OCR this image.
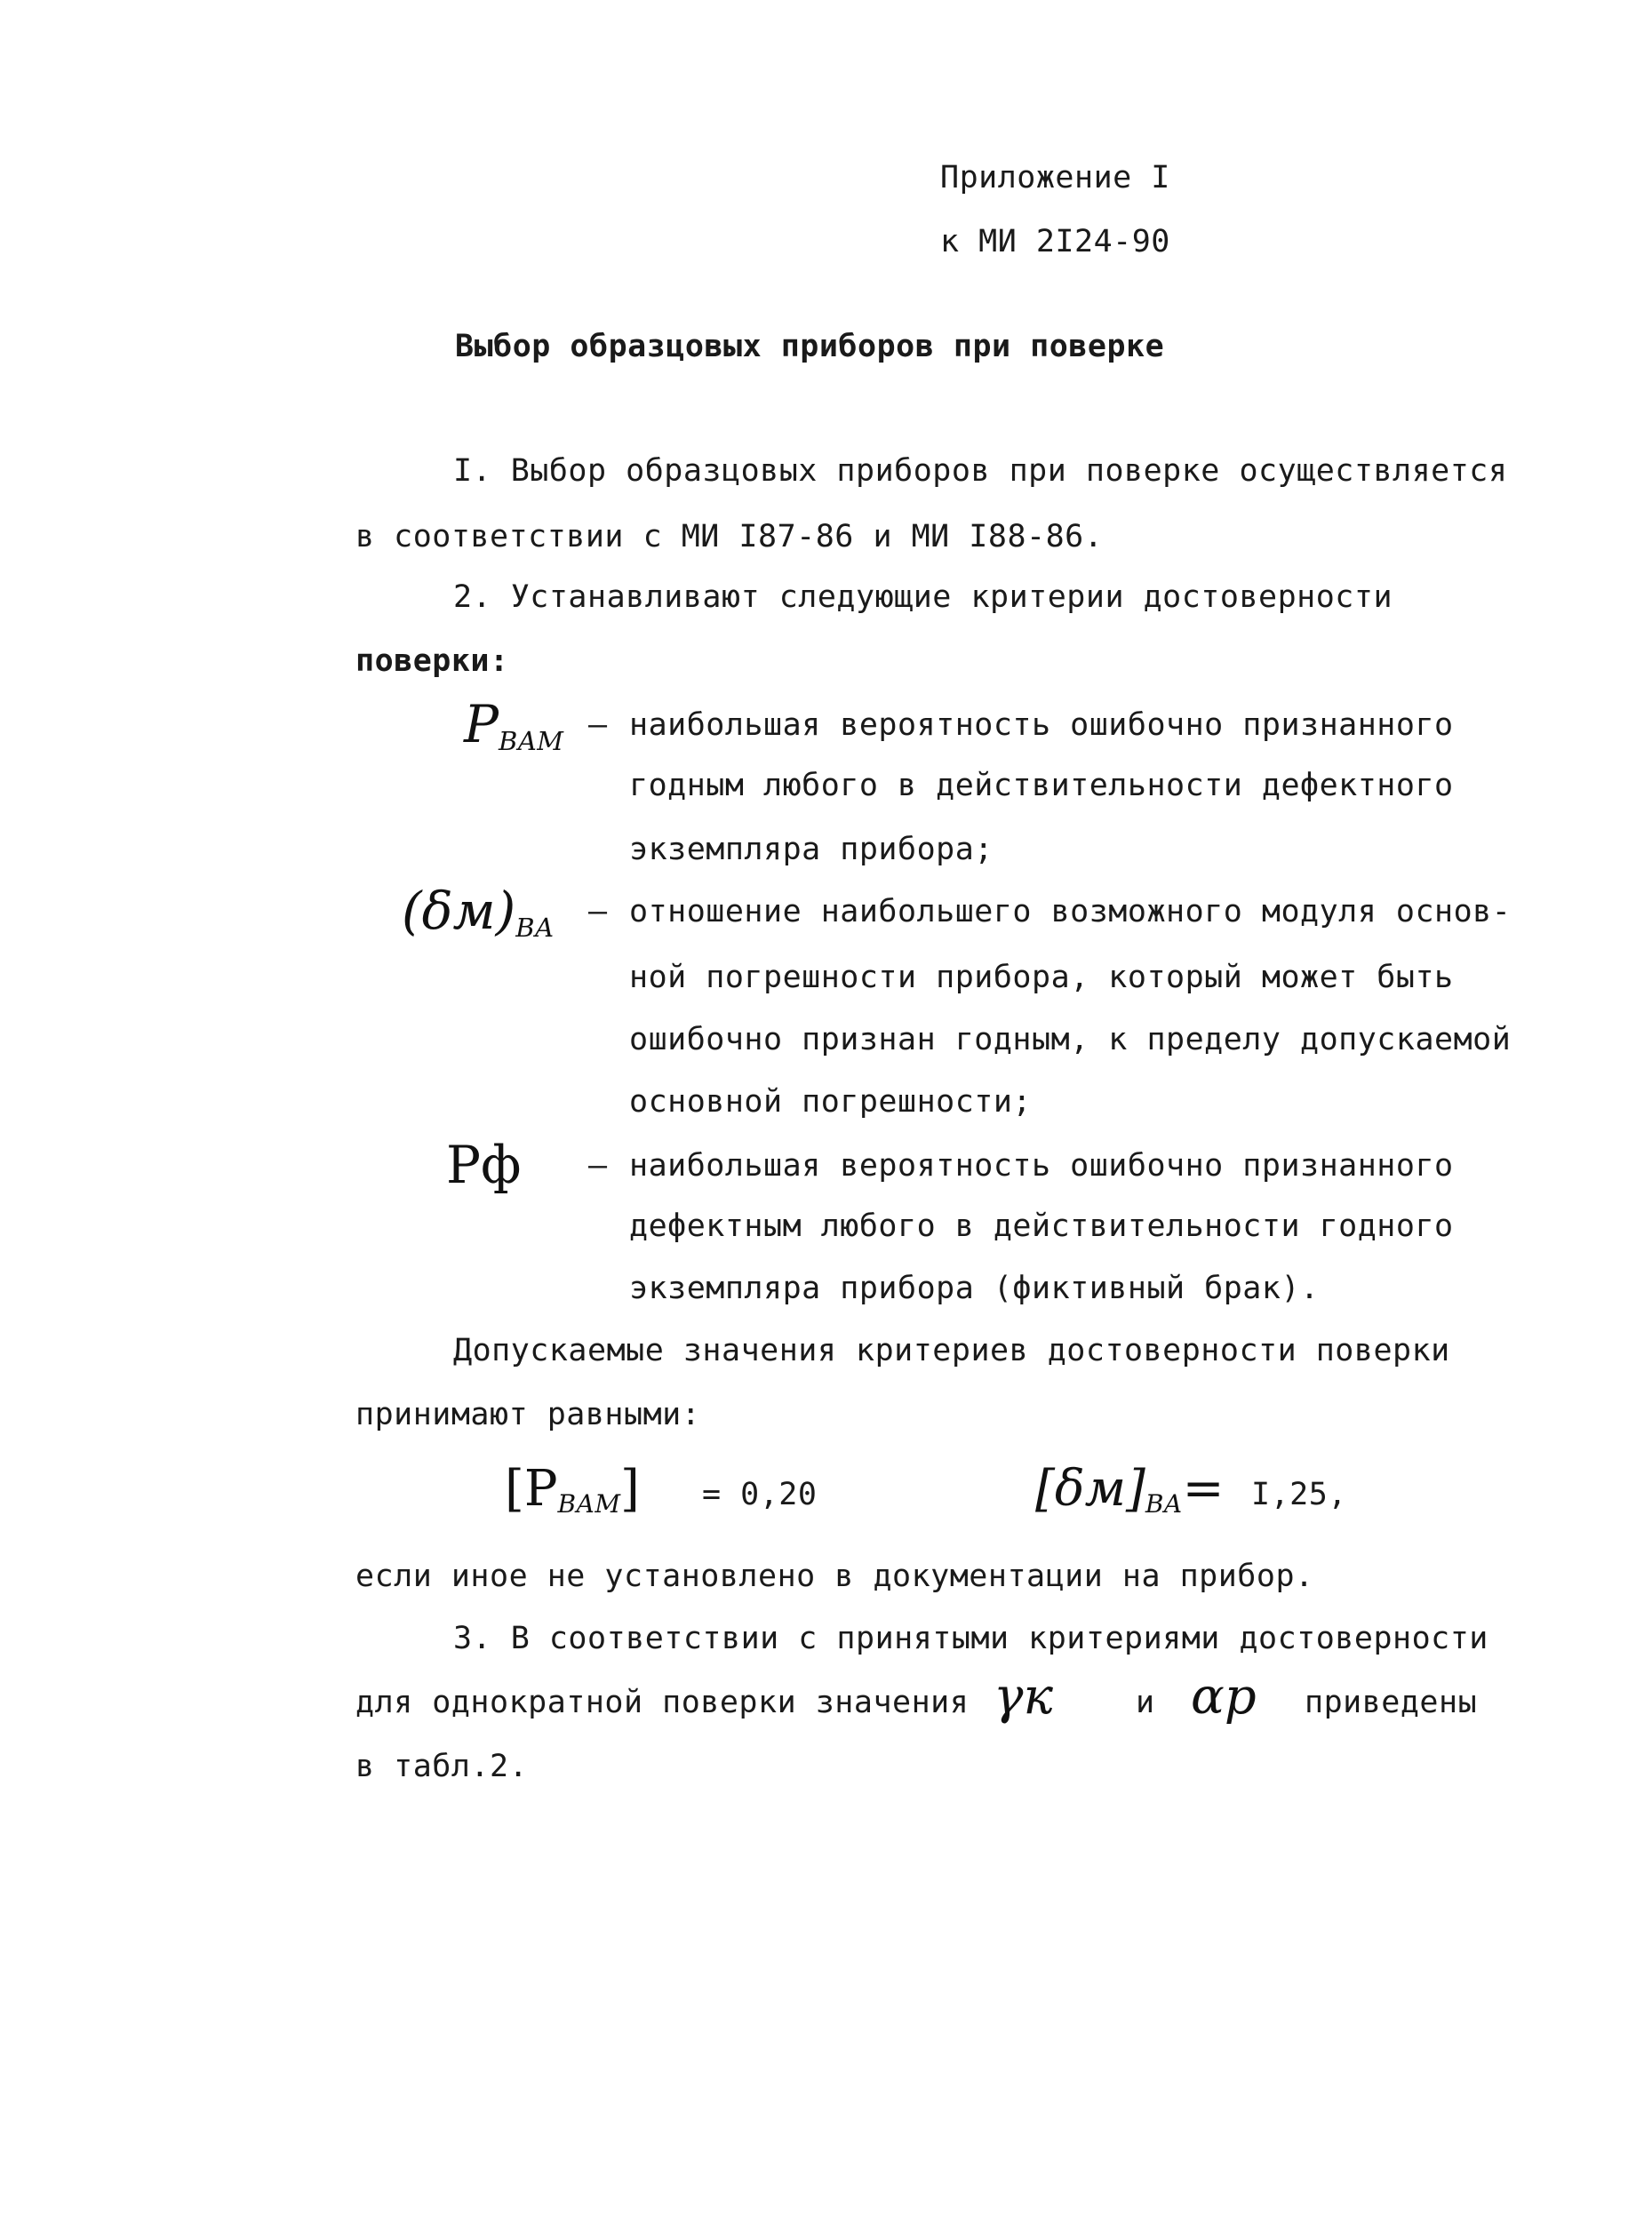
Приложение I
к МИ 2I24-90
Выбор образцовых приборов при поверке
I. Выбор образцовых приборов при поверке осуществляется
в соответствии с МИ I87-86 и МИ I88-86.
2. Устанавливают следующие критерии достоверности
поверки:
$P_{ВАМ}$ – наибольшая вероятность ошибочно признанного
годным любого в действительности дефектного
экземпляра прибора;
$(\delta м)_{ВА}$ – отношение наибольшего возможного модуля основ-
ной погрешности прибора, который может быть
ошибочно признан годным, к пределу допускаемой
основной погрешности;
Pф – наибольшая вероятность ошибочно признанного
дефектным любого в действительности годного
экземпляра прибора (фиктивный брак).
Допускаемые значения критериев достоверности поверки
принимают равными:
$[P_{ВАМ}] = 0,20$	$[\delta м]_{ВА}= I,25$,
если иное не установлено в документации на прибор.
3. В соответствии с принятыми критериями достоверности
для однократной поверки значения γк	и αр приведены
в табл.2.
